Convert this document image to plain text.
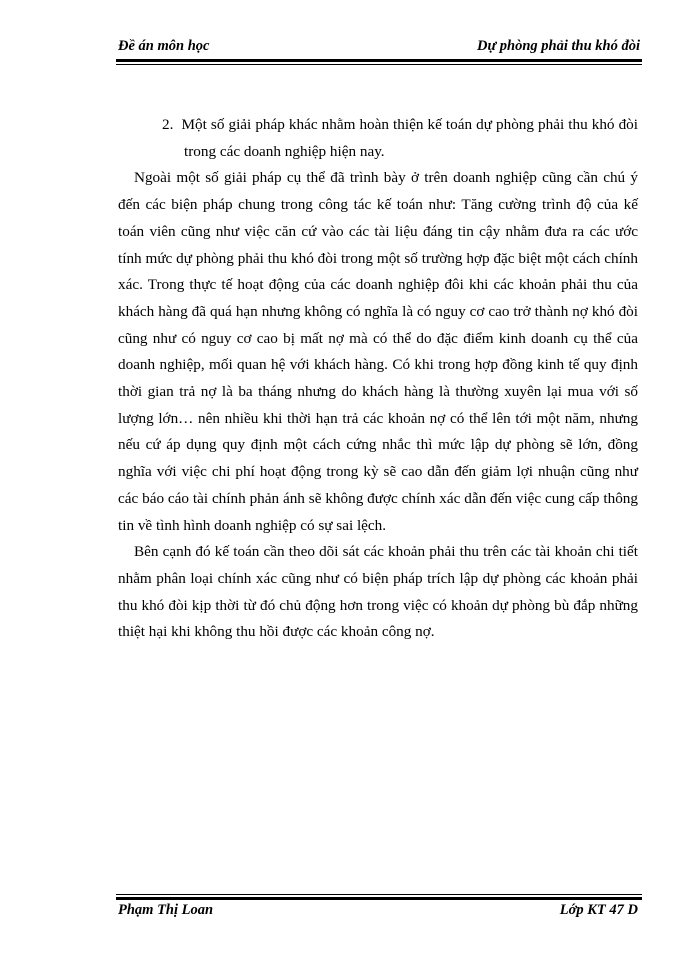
Đề án môn học	Dự phòng phải thu khó đòi

2. Một số giải pháp khác nhằm hoàn thiện kế toán dự phòng phải thu khó đòi trong các doanh nghiệp hiện nay.

Ngoài một số giải pháp cụ thể đã trình bày ở trên doanh nghiệp cũng cần chú ý đến các biện pháp chung trong công tác kế toán như: Tăng cường trình độ của kế toán viên cũng như việc căn cứ vào các tài liệu đáng tin cậy nhằm đưa ra các ước tính mức dự phòng phải thu khó đòi trong một số trường hợp đặc biệt một cách chính xác. Trong thực tế hoạt động của các doanh nghiệp đôi khi các khoản phải thu của khách hàng đã quá hạn nhưng không có nghĩa là có nguy cơ cao trở thành nợ khó đòi cũng như có nguy cơ cao bị mất nợ mà có thể do đặc điểm kinh doanh cụ thể của doanh nghiệp, mối quan hệ với khách hàng. Có khi trong hợp đồng kinh tế quy định thời gian trả nợ là ba tháng nhưng do khách hàng là thường xuyên lại mua với số lượng lớn… nên nhiều khi thời hạn trả các khoản nợ có thể lên tới một năm, nhưng nếu cứ áp dụng quy định một cách cứng nhắc thì mức lập dự phòng sẽ lớn, đồng nghĩa với việc chi phí hoạt động trong kỳ sẽ cao dẫn đến giảm lợi nhuận cũng như các báo cáo tài chính phản ánh sẽ không được chính xác dẫn đến việc cung cấp thông tin về tình hình doanh nghiệp có sự sai lệch.

Bên cạnh đó kế toán cần theo dõi sát các khoản phải thu trên các tài khoản chi tiết nhằm phân loại chính xác cũng như có biện pháp trích lập dự phòng các khoản phải thu khó đòi kịp thời từ đó chủ động hơn trong việc có khoản dự phòng bù đắp những thiệt hại khi không thu hồi được các khoản công nợ.

Phạm Thị Loan	Lớp KT 47 D
